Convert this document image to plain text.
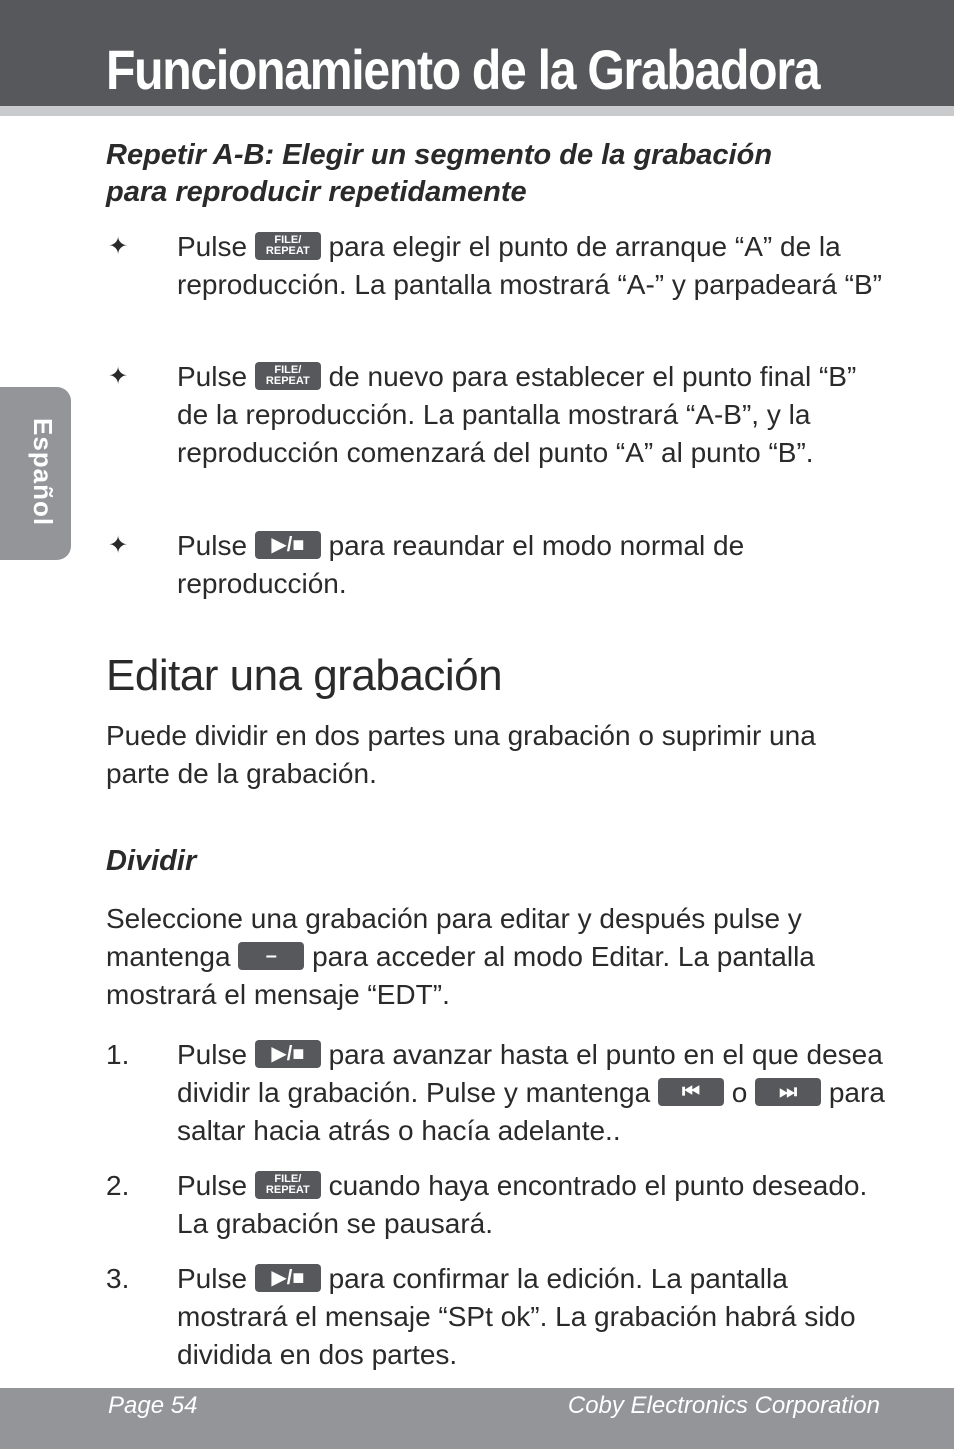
Funcionamiento de la Grabadora
Español

Repetir A-B: Elegir un segmento de la grabación
para reproducir repetidamente

✦	Pulse	FILE/
REPEAT para elegir el punto de arranque “A” de la reproducción. La pantalla mostrará “A-” y parpadeará “B”
✦	Pulse	FILE/
REPEAT de nuevo para establecer el punto final “B” de la reproducción. La pantalla mostrará “A-B”, y la reproducción comenzará del punto “A” al punto “B”.
✦	Pulse ▶/■ para reaundar el modo normal de reproducción.
Editar una grabación

Puede dividir en dos partes una grabación o suprimir una parte de la grabación.

Dividir

Seleccione una grabación para editar y después pulse y mantenga – para acceder al modo Editar. La pantalla mostrará el mensaje “EDT”.

1.	Pulse ▶/■ para avanzar hasta el punto en el que desea dividir la grabación. Pulse y mantenga ⏮ o ⏭ para saltar hacia atrás o hacía adelante..
2.	Pulse	FILE/
REPEAT cuando haya encontrado el punto deseado. La grabación se pausará.
3.	Pulse ▶/■ para confirmar la edición. La pantalla mostrará el mensaje “SPt ok”. La grabación habrá sido dividida en dos partes.
Page 54	Coby Electronics Corporation
